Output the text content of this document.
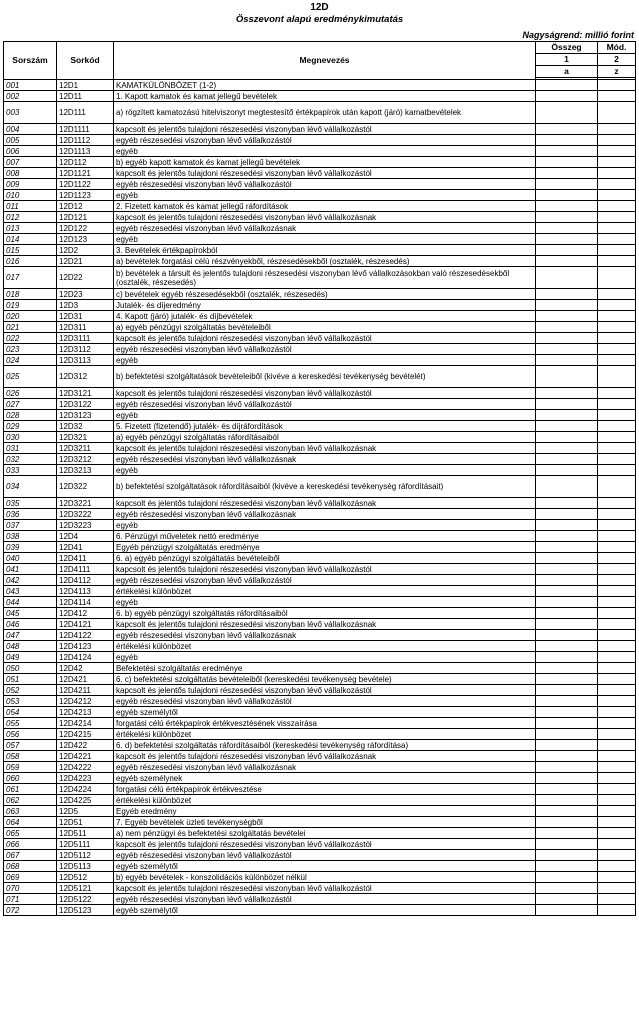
12D
Összevont alapú eredménykimutatás
Nagyságrend: millió forint
Sorszám	Sorkód	Megnevezés	Összeg	Mód.
			1	2
			a	z

001	12D1	KAMATKÜLÖNBÖZET (1-2)		
002	12D11	1. Kapott kamatok és kamat jellegű bevételek		
003	12D111	a) rögzített kamatozású hitelviszonyt megtestesítő értékpapírok után kapott (járó) kamatbevételek		
004	12D1111	kapcsolt és jelentős tulajdoni részesedési viszonyban lévő vállalkozástól		
005	12D1112	egyéb részesedési viszonyban lévő vállalkozástól		
006	12D1113	egyéb		
007	12D112	b) egyéb kapott kamatok és kamat jellegű bevételek		
008	12D1121	kapcsolt és jelentős tulajdoni részesedési viszonyban lévő vállalkozástól		
009	12D1122	egyéb részesedési viszonyban lévő vállalkozástól		
010	12D1123	egyéb		
011	12D12	2. Fizetett kamatok és kamat jellegű ráfordítások		
012	12D121	kapcsolt és jelentős tulajdoni részesedési viszonyban lévő vállalkozásnak		
013	12D122	egyéb részesedési viszonyban lévő vállalkozásnak		
014	12D123	egyéb		
015	12D2	3. Bevételek értékpapírokból		
016	12D21	a) bevételek forgatási célú részvényekből, részesedésekből (osztalék, részesedés)		
017	12D22	b) bevételek a társult és jelentős tulajdoni részesedési viszonyban lévő vállalkozásokban való részesedésekből (osztalék, részesedés)		
018	12D23	c) bevételek egyéb részesedésekből (osztalék, részesedés)		
019	12D3	Jutalék- és díjeredmény		
020	12D31	4. Kapott (járó) jutalék- és díjbevételek		
021	12D311	a) egyéb pénzügyi szolgáltatás bevételeiből		
022	12D3111	kapcsolt és jelentős tulajdoni részesedési viszonyban lévő vállalkozástól		
023	12D3112	egyéb részesedési viszonyban lévő vállalkozástól		
024	12D3113	egyéb		
025	12D312	b) befektetési szolgáltatások bevételeiből (kivéve a kereskedési tevékenység bevételét)		
026	12D3121	kapcsolt és jelentős tulajdoni részesedési viszonyban lévő vállalkozástól		
027	12D3122	egyéb részesedési viszonyban lévő vállalkozástól		
028	12D3123	egyéb		
029	12D32	5. Fizetett (fizetendő) jutalék- és díjráfordítások		
030	12D321	a) egyéb pénzügyi szolgáltatás ráfordításaiból		
031	12D3211	kapcsolt és jelentős tulajdoni részesedési viszonyban lévő vállalkozásnak		
032	12D3212	egyéb részesedési viszonyban lévő vállalkozásnak		
033	12D3213	egyéb		
034	12D322	b) befektetési szolgáltatások ráfordításaiból (kivéve a kereskedési tevékenység ráfordításait)		
035	12D3221	kapcsolt és jelentős tulajdoni részesedési viszonyban lévő vállalkozásnak		
036	12D3222	egyéb részesedési viszonyban lévő vállalkozásnak		
037	12D3223	egyéb		
038	12D4	6. Pénzügyi műveletek nettó eredménye		
039	12D41	Egyéb pénzügyi szolgáltatás eredménye		
040	12D411	6. a) egyéb pénzügyi szolgáltatás bevételeiből		
041	12D4111	kapcsolt és jelentős tulajdoni részesedési viszonyban lévő vállalkozástól		
042	12D4112	egyéb részesedési viszonyban lévő vállalkozástól		
043	12D4113	értékelési különbözet		
044	12D4114	egyéb		
045	12D412	6. b) egyéb pénzügyi szolgáltatás ráfordításaiból		
046	12D4121	kapcsolt és jelentős tulajdoni részesedési viszonyban lévő vállalkozásnak		
047	12D4122	egyéb részesedési viszonyban lévő vállalkozásnak		
048	12D4123	értékelési különbözet		
049	12D4124	egyéb		
050	12D42	Befektetési szolgáltatás eredménye		
051	12D421	6. c) befektetési szolgáltatás bevételeiből (kereskedési tevékenység bevétele)		
052	12D4211	kapcsolt és jelentős tulajdoni részesedési viszonyban lévő vállalkozástól		
053	12D4212	egyéb részesedési viszonyban lévő vállalkozástól		
054	12D4213	egyéb személytől		
055	12D4214	forgatási célú értékpapírok értékvesztésének visszaírása		
056	12D4215	értékelési különbözet		
057	12D422	6. d) befektetési szolgáltatás ráfordításaiból (kereskedési tevékenység ráfordítása)		
058	12D4221	kapcsolt és jelentős tulajdoni részesedési viszonyban lévő vállalkozásnak		
059	12D4222	egyéb részesedési viszonyban lévő vállalkozásnak		
060	12D4223	egyéb személynek		
061	12D4224	forgatási célú értékpapírok értékvesztése		
062	12D4225	értékelési különbözet		
063	12D5	Egyéb eredmény		
064	12D51	7. Egyéb bevételek üzleti tevékenységből		
065	12D511	a) nem pénzügyi és befektetési szolgáltatás bevételei		
066	12D5111	kapcsolt és jelentős tulajdoni részesedési viszonyban lévő vállalkozástól		
067	12D5112	egyéb részesedési viszonyban lévő vállalkozástól		
068	12D5113	egyéb személytől		
069	12D512	b) egyéb bevételek - konszolidációs különbözet nélkül		
070	12D5121	kapcsolt és jelentős tulajdoni részesedési viszonyban lévő vállalkozástól		
071	12D5122	egyéb részesedési viszonyban lévő vállalkozástól		
072	12D5123	egyéb személytől		
